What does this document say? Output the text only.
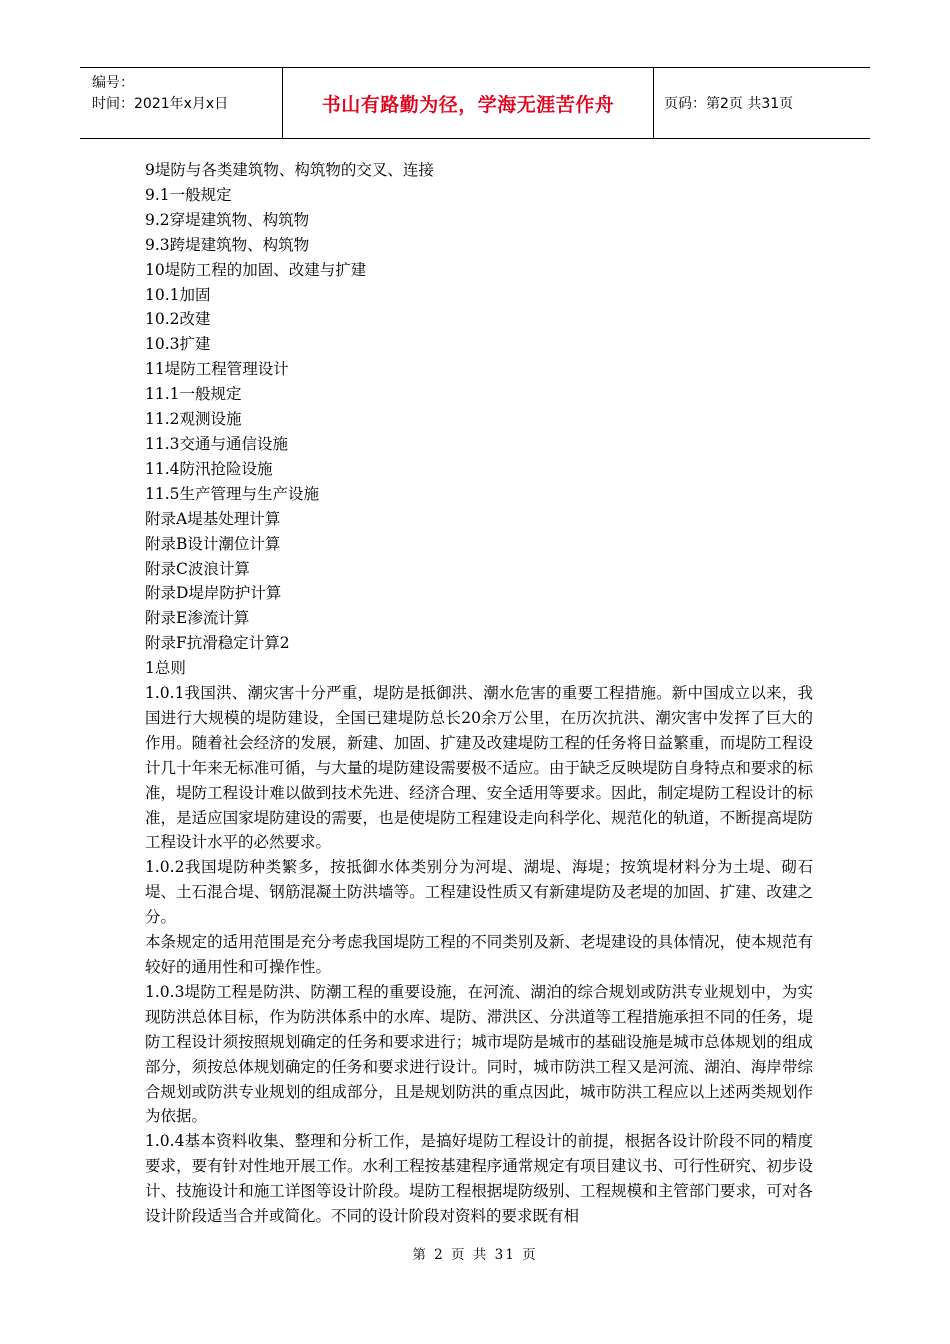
编号：
时间：2021年x月x日	书山有路勤为径，学海无涯苦作舟	页码：第2页 共31页

9堤防与各类建筑物、构筑物的交叉、连接

9.1一般规定

9.2穿堤建筑物、构筑物

9.3跨堤建筑物、构筑物

10堤防工程的加固、改建与扩建

10.1加固

10.2改建

10.3扩建

11堤防工程管理设计

11.1一般规定

11.2观测设施

11.3交通与通信设施

11.4防汛抢险设施

11.5生产管理与生产设施

附录A堤基处理计算

附录B设计潮位计算

附录C波浪计算

附录D堤岸防护计算

附录E渗流计算

附录F抗滑稳定计算2

1总则

1.0.1我国洪、潮灾害十分严重，堤防是抵御洪、潮水危害的重要工程措施。新中国成立以来，我国进行大规模的堤防建设，全国已建堤防总长20余万公里，在历次抗洪、潮灾害中发挥了巨大的作用。随着社会经济的发展，新建、加固、扩建及改建堤防工程的任务将日益繁重，而堤防工程设计几十年来无标准可循，与大量的堤防建设需要极不适应。由于缺乏反映堤防自身特点和要求的标准，堤防工程设计难以做到技术先进、经济合理、安全适用等要求。因此，制定堤防工程设计的标准，是适应国家堤防建设的需要，也是使堤防工程建设走向科学化、规范化的轨道，不断提高堤防工程设计水平的必然要求。

1.0.2我国堤防种类繁多，按抵御水体类别分为河堤、湖堤、海堤；按筑堤材料分为土堤、砌石堤、土石混合堤、钢筋混凝土防洪墙等。工程建设性质又有新建堤防及老堤的加固、扩建、改建之分。

本条规定的适用范围是充分考虑我国堤防工程的不同类别及新、老堤建设的具体情况，使本规范有较好的通用性和可操作性。

1.0.3堤防工程是防洪、防潮工程的重要设施，在河流、湖泊的综合规划或防洪专业规划中，为实现防洪总体目标，作为防洪体系中的水库、堤防、滞洪区、分洪道等工程措施承担不同的任务，堤防工程设计须按照规划确定的任务和要求进行；城市堤防是城市的基础设施是城市总体规划的组成部分，须按总体规划确定的任务和要求进行设计。同时，城市防洪工程又是河流、湖泊、海岸带综合规划或防洪专业规划的组成部分，且是规划防洪的重点因此，城市防洪工程应以上述两类规划作为依据。

1.0.4基本资料收集、整理和分析工作，是搞好堤防工程设计的前提，根据各设计阶段不同的精度要求，要有针对性地开展工作。水利工程按基建程序通常规定有项目建议书、可行性研究、初步设计、技施设计和施工详图等设计阶段。堤防工程根据堤防级别、工程规模和主管部门要求，可对各设计阶段适当合并或简化。不同的设计阶段对资料的要求既有相

第 2 页 共 31 页
